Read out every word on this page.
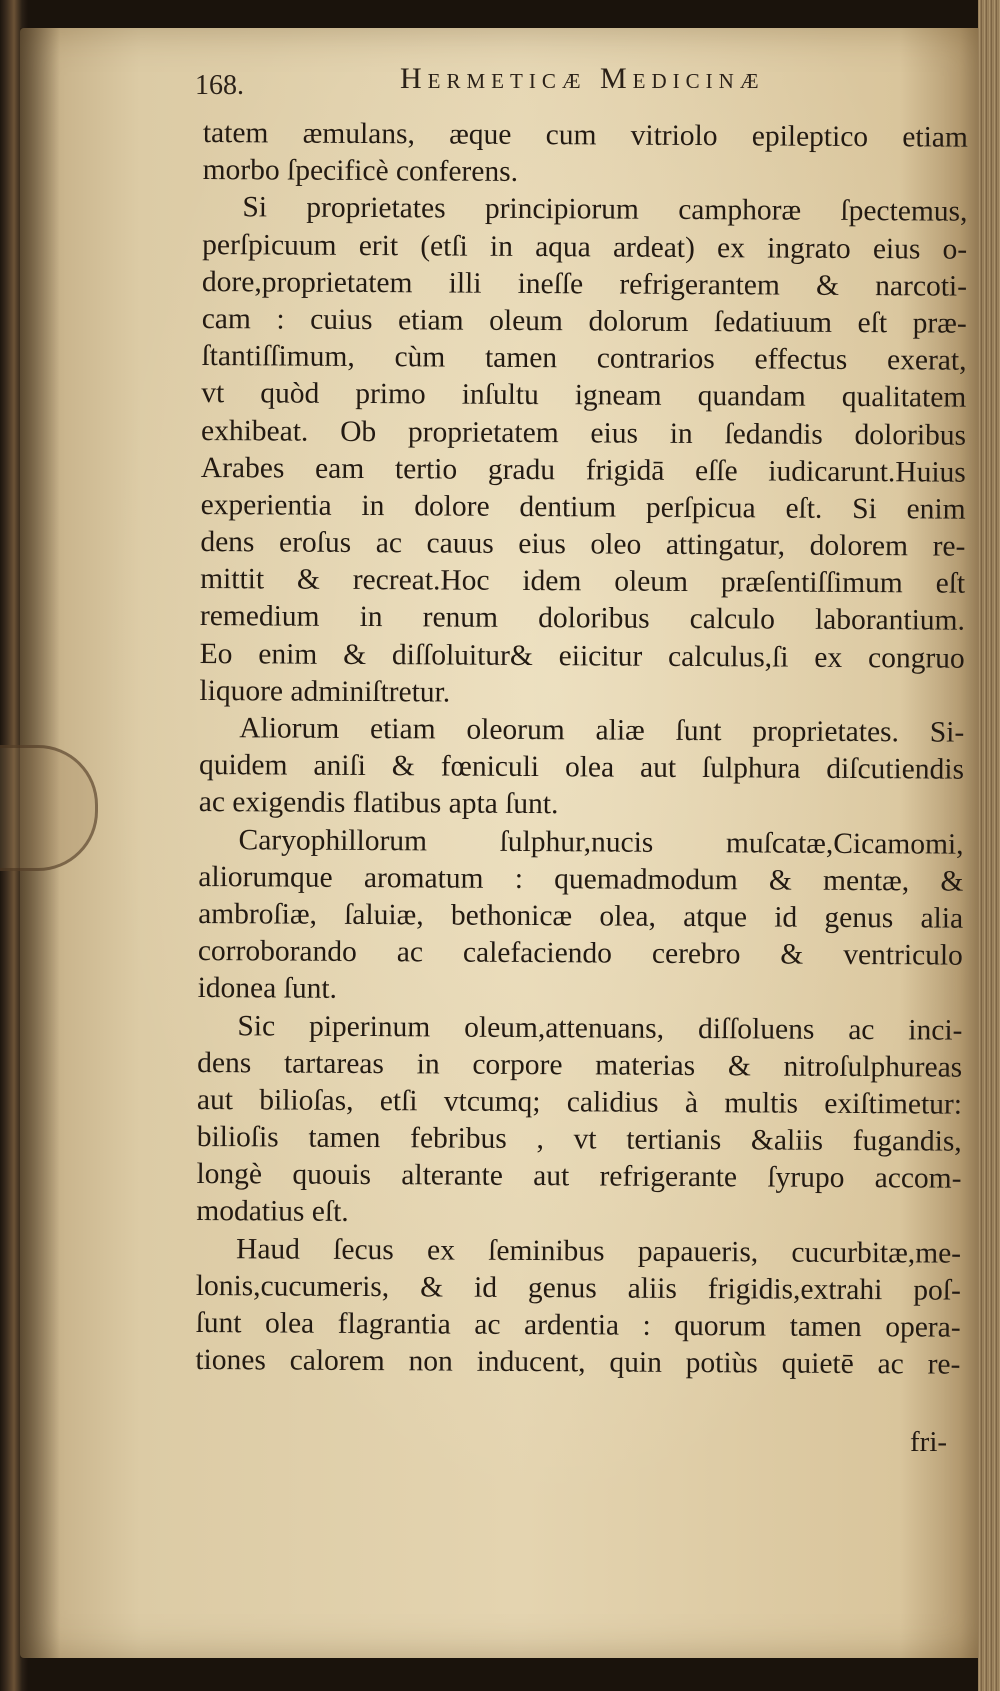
168.	Hermeticæ Medicinæ
tatem æmulans, æque cum vitriolo epileptico etiam
morbo ſpecificè conferens.
Si proprietates principiorum camphoræ ſpectemus,
perſpicuum erit (etſi in aqua ardeat) ex ingrato eius o-
dore,proprietatem illi ineſſe refrigerantem & narcoti-
cam : cuius etiam oleum dolorum ſedatiuum eſt præ-
ſtantiſſimum, cùm tamen contrarios effectus exerat,
vt quòd primo inſultu igneam quandam qualitatem
exhibeat. Ob proprietatem eius in ſedandis doloribus
Arabes eam tertio gradu frigidā eſſe iudicarunt.Huius
experientia in dolore dentium perſpicua eſt. Si enim
dens eroſus ac cauus eius oleo attingatur, dolorem re-
mittit & recreat.Hoc idem oleum præſentiſſimum eſt
remedium in renum doloribus calculo laborantium.
Eo enim & diſſoluitur& eiicitur calculus,ſi ex congruo
liquore adminiſtretur.
Aliorum etiam oleorum aliæ ſunt proprietates. Si-
quidem aniſi & fœniculi olea aut ſulphura diſcutiendis
ac exigendis flatibus apta ſunt.
Caryophillorum ſulphur,nucis muſcatæ,Cicamomi,
aliorumque aromatum : quemadmodum & mentæ, &
ambroſiæ, ſaluiæ, bethonicæ olea, atque id genus alia
corroborando ac calefaciendo cerebro & ventriculo
idonea ſunt.
Sic piperinum oleum,attenuans, diſſoluens ac inci-
dens tartareas in corpore materias & nitroſulphureas
aut bilioſas, etſi vtcumq; calidius à multis exiſtimetur:
bilioſis tamen febribus , vt tertianis &aliis fugandis,
longè quouis alterante aut refrigerante ſyrupo accom-
modatius eſt.
Haud ſecus ex ſeminibus papaueris, cucurbitæ,me-
lonis,cucumeris, & id genus aliis frigidis,extrahi poſ-
ſunt olea flagrantia ac ardentia : quorum tamen opera-
tiones calorem non inducent, quin potiùs quietē ac re-
fri-
